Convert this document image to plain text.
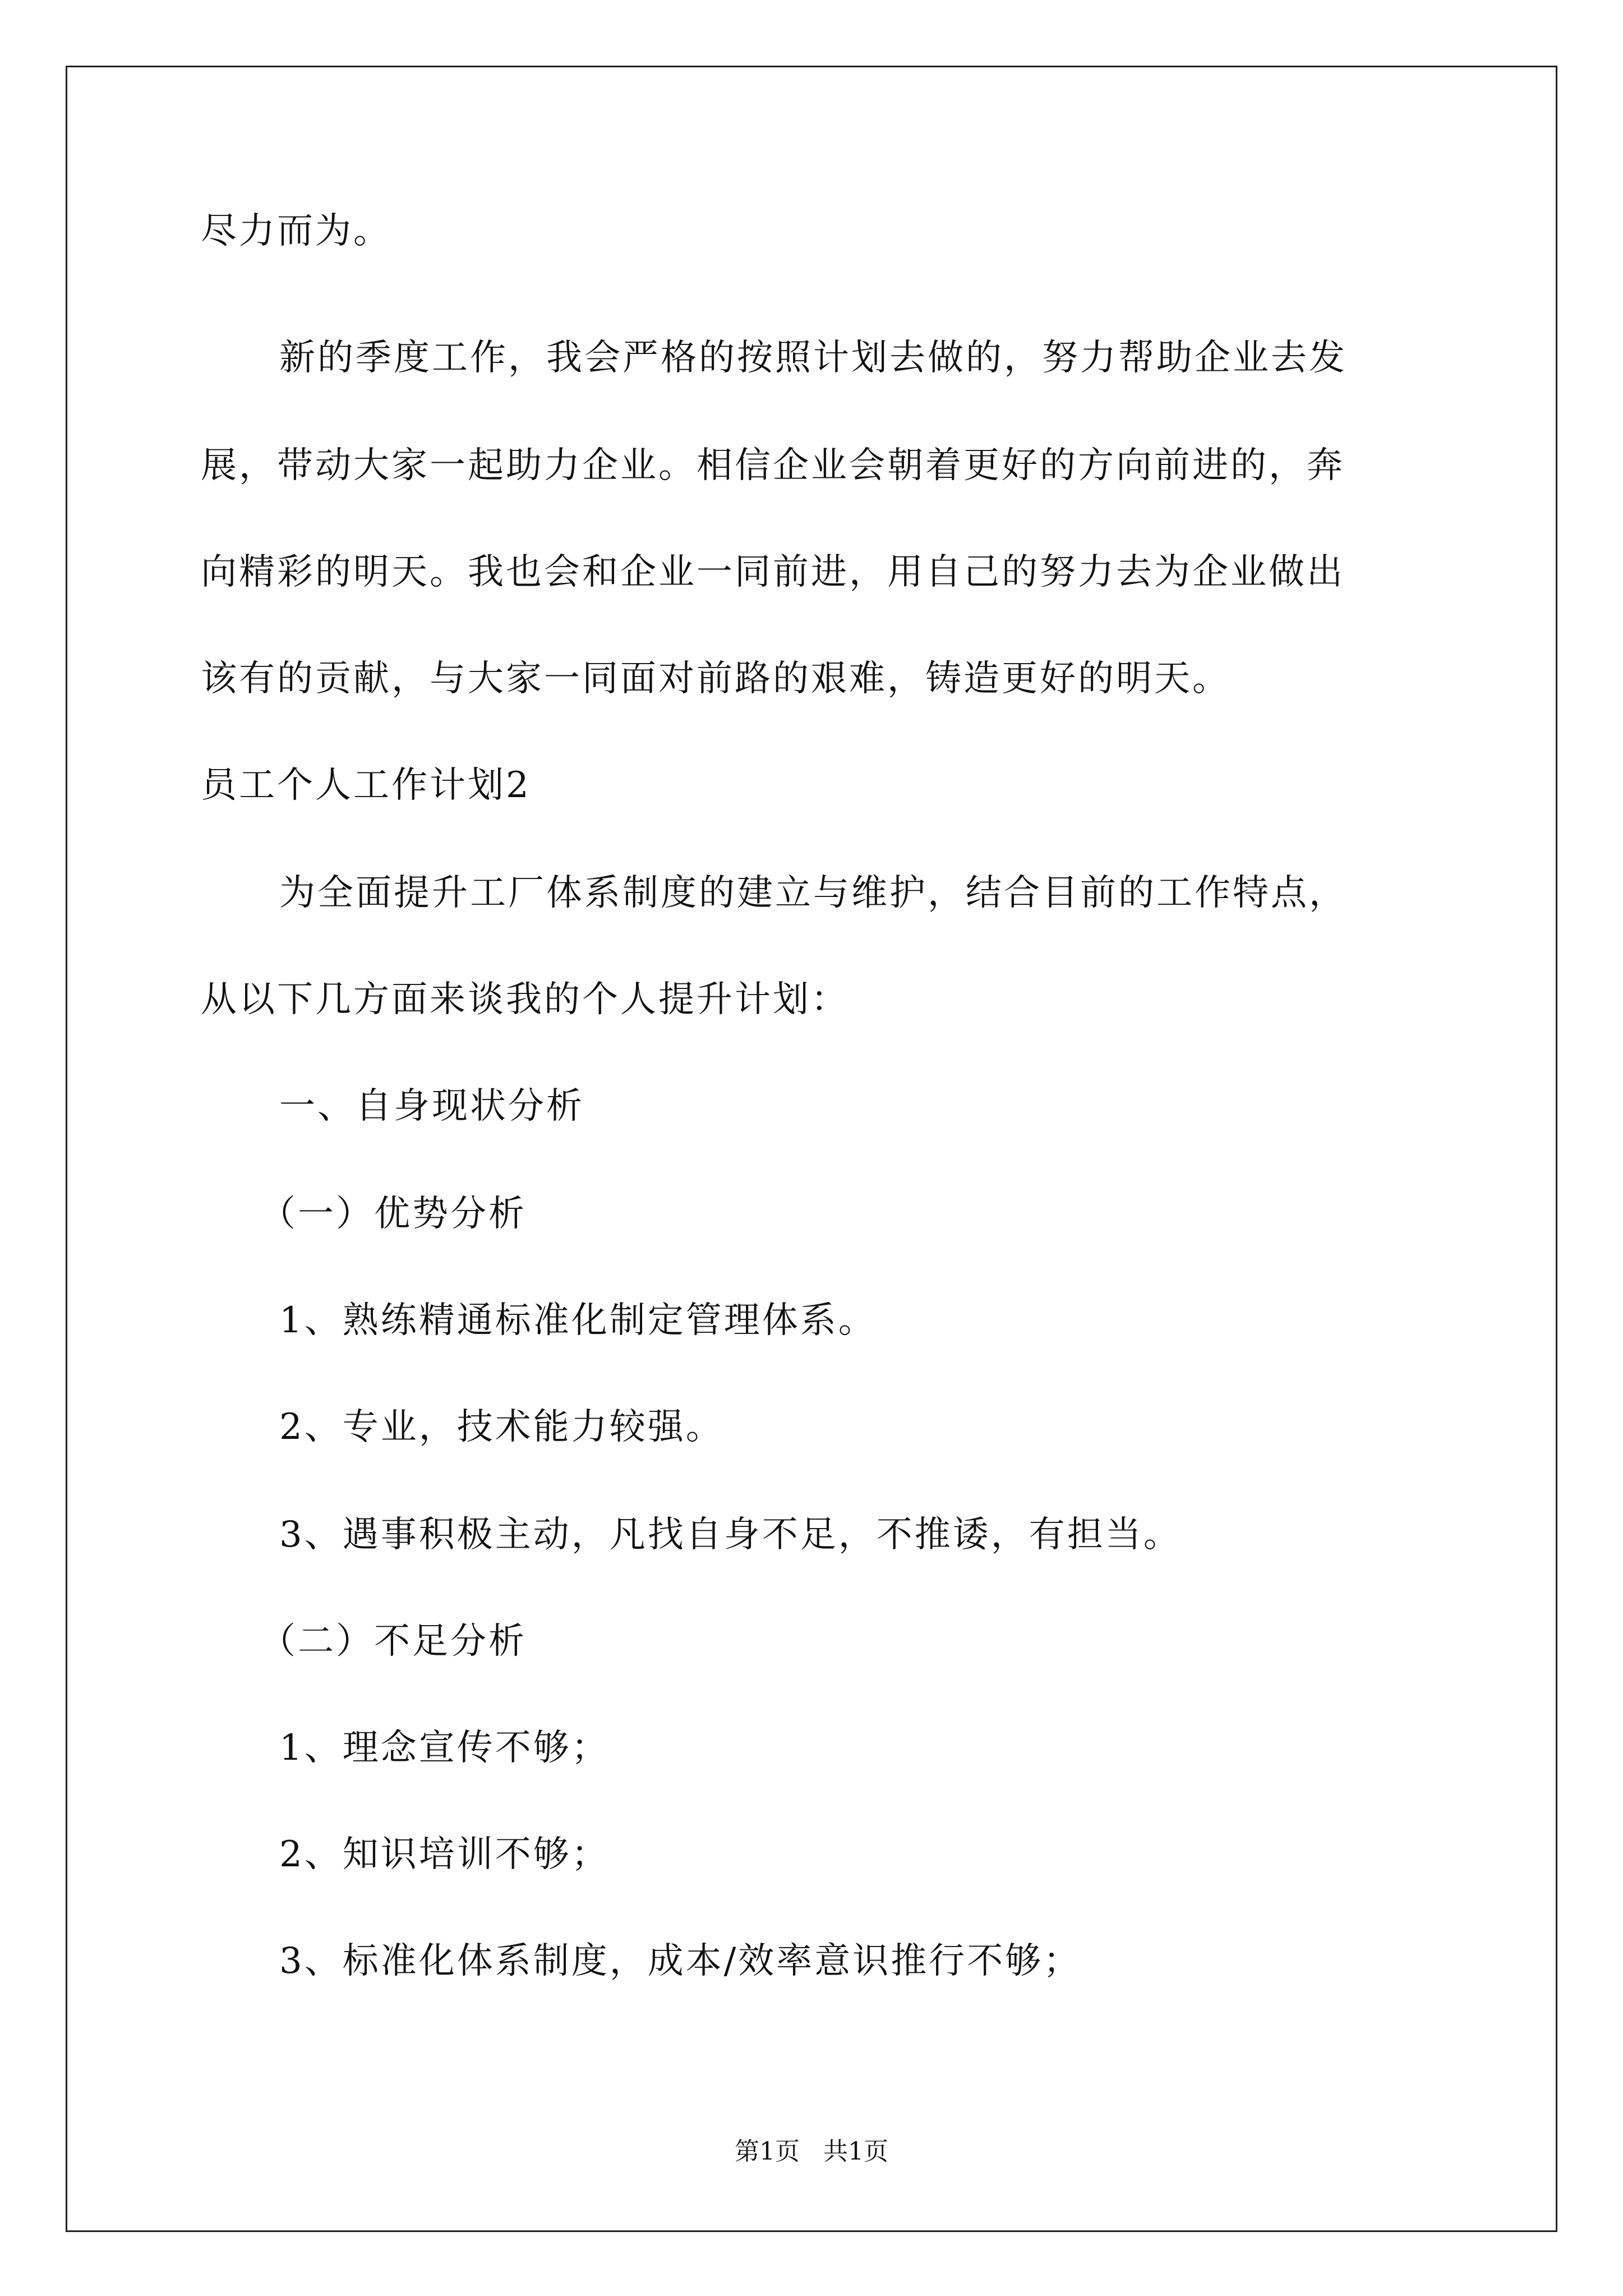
尽力而为。
新的季度工作，我会严格的按照计划去做的，努力帮助企业去发
展，带动大家一起助力企业。相信企业会朝着更好的方向前进的，奔
向精彩的明天。我也会和企业一同前进，用自己的努力去为企业做出
该有的贡献，与大家一同面对前路的艰难，铸造更好的明天。
员工个人工作计划2
为全面提升工厂体系制度的建立与维护，结合目前的工作特点，
从以下几方面来谈我的个人提升计划：
一、自身现状分析
（一）优势分析
1、熟练精通标准化制定管理体系。
2、专业，技术能力较强。
3、遇事积极主动，凡找自身不足，不推诿，有担当。
（二）不足分析
1、理念宣传不够；
2、知识培训不够；
3、标准化体系制度，成本/效率意识推行不够；
第1页   共1页
